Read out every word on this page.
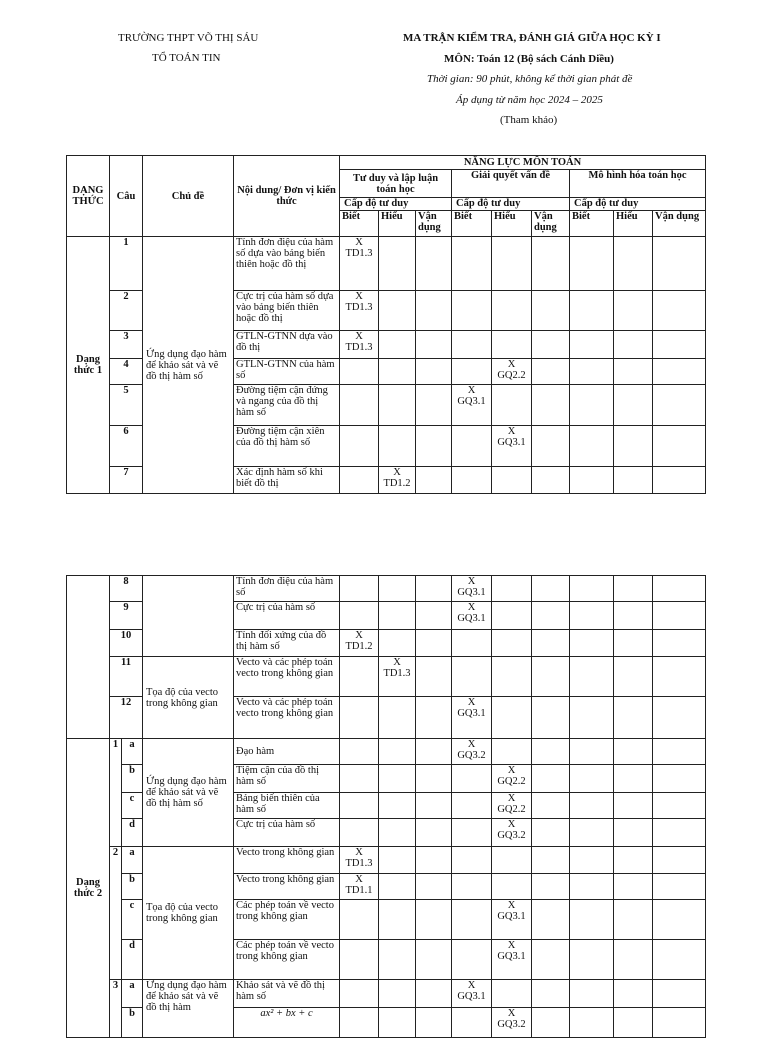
TRƯỜNG THPT VÕ THỊ SÁU
TỔ TOÁN TIN
MA TRẬN KIỂM TRA, ĐÁNH GIÁ GIỮA HỌC KỲ I
MÔN: Toán 12 (Bộ sách Cánh Diều)
Thời gian: 90 phút, không kể thời gian phát đề
Áp dụng từ năm học 2024 – 2025
(Tham khảo)
DẠNG THỨC	Câu	Chủ đề	Nội dung/ Đơn vị kiến thức	NĂNG LỰC MÔN TOÁN								
				Tư duy và lập luận toán học			Giải quyết vấn đề			Mô hình hóa toán học		
				Cấp độ tư duy			Cấp độ tư duy			Cấp độ tư duy		
				Biết	Hiểu	Vận dụng	Biết	Hiểu	Vận dụng	Biết	Hiểu	Vận dụng
Dạng thức 1	1	Ứng dụng đạo hàm để khảo sát và vẽ đồ thị hàm số	Tính đơn điệu của hàm số dựa vào bảng biến thiên hoặc đồ thị	X TD1.3								
	2		Cực trị của hàm số dựa vào bảng biến thiên hoặc đồ thị	X TD1.3								
	3		GTLN-GTNN dựa vào đồ thị	X TD1.3								
	4		GTLN-GTNN của hàm số					X GQ2.2				
	5		Đường tiệm cận đứng và ngang của đồ thị hàm số				X GQ3.1					
	6		Đường tiệm cận xiên của đồ thị hàm số					X GQ3.1				
	7		Xác định hàm số khi biết đồ thị		X TD1.2							
	8			Tính đơn điệu của hàm số				X GQ3.1					
	9			Cực trị của hàm số				X GQ3.1					
	10			Tính đối xứng của đồ thị hàm số	X TD1.2								
	11		Tọa độ của vecto trong không gian	Vecto và các phép toán vecto trong không gian		X TD1.3							
	12			Vecto và các phép toán vecto trong không gian				X GQ3.1					
Dạng thức 2	1	a	Ứng dụng đạo hàm để khảo sát và vẽ đồ thị hàm số	Đạo hàm				X GQ3.2					
		b		Tiệm cận của đồ thị hàm số					X GQ2.2				
		c		Bảng biến thiên của hàm số					X GQ2.2				
		d		Cực trị của hàm số					X GQ3.2				
	2	a	Tọa độ của vecto trong không gian	Vecto trong không gian	X TD1.3								
		b		Vecto trong không gian	X TD1.1								
		c		Các phép toán về vecto trong không gian					X GQ3.1				
		d		Các phép toán về vecto trong không gian					X GQ3.1				
	3	a	Ứng dụng đạo hàm để khảo sát và vẽ đồ thị hàm	Khảo sát và vẽ đồ thị hàm số				X GQ3.1					
		b		ax² + bx + c					X GQ3.2				
